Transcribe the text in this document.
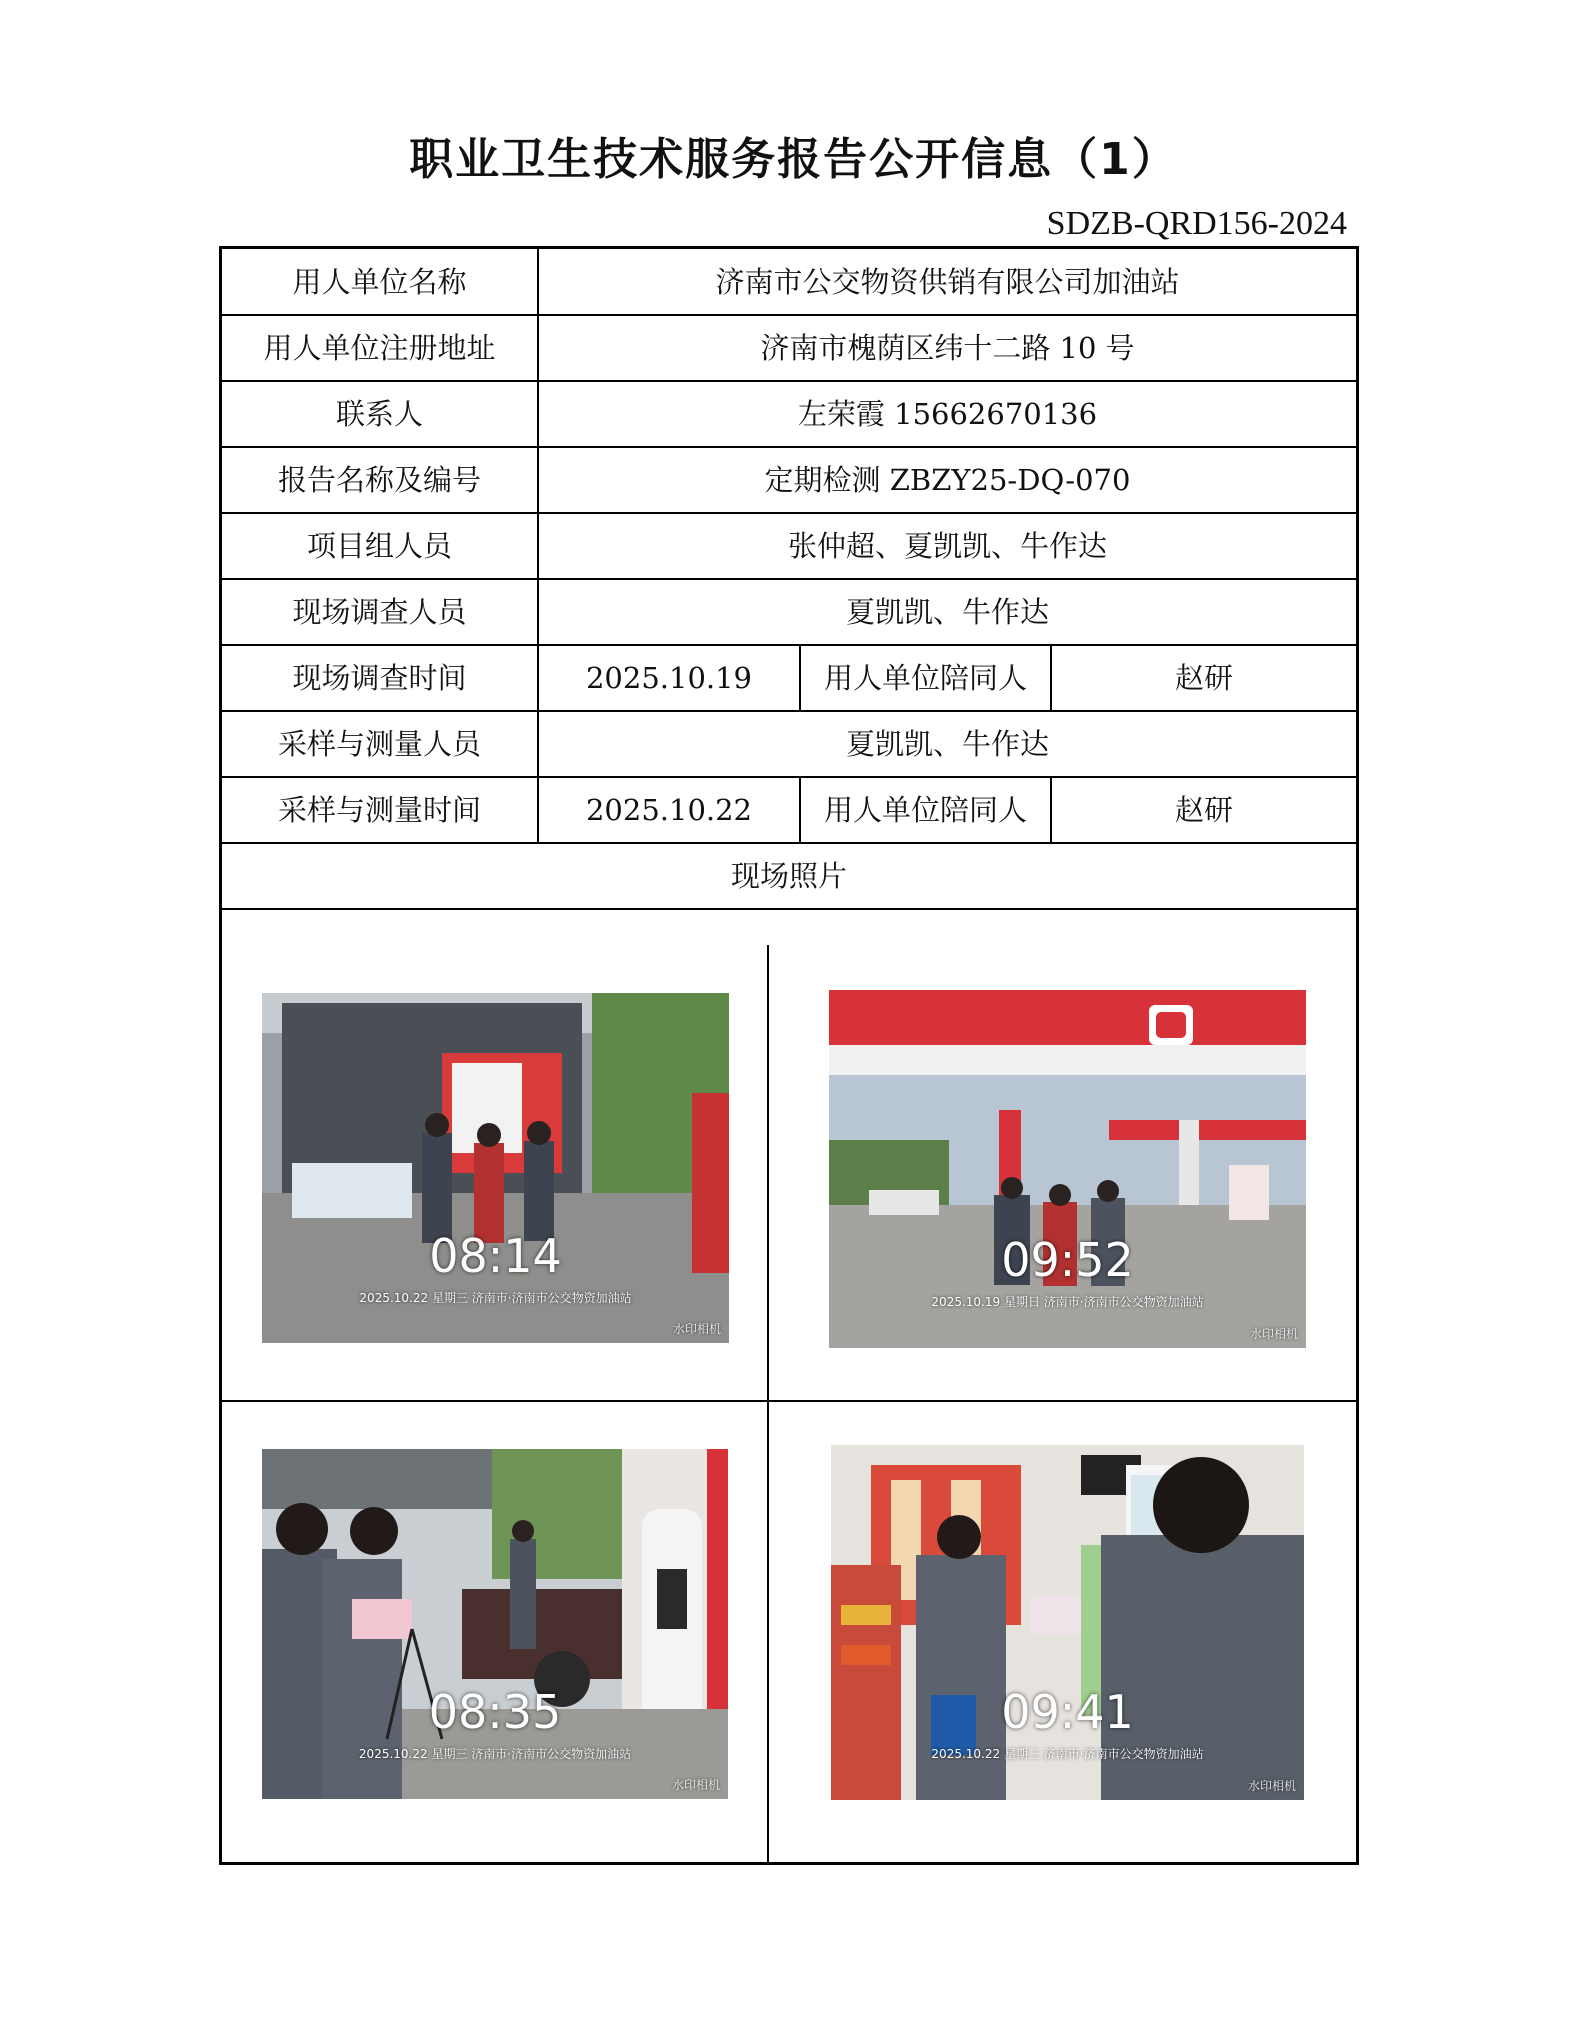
职业卫生技术服务报告公开信息（1）
SDZB-QRD156-2024
用人单位名称	济南市公交物资供销有限公司加油站		
用人单位注册地址	济南市槐荫区纬十二路 10 号		
联系人	左荣霞 15662670136		
报告名称及编号	定期检测 ZBZY25-DQ-070		
项目组人员	张仲超、夏凯凯、牛作达		
现场调查人员	夏凯凯、牛作达		
现场调查时间	2025.10.19	用人单位陪同人	赵研
采样与测量人员	夏凯凯、牛作达		
采样与测量时间	2025.10.22	用人单位陪同人	赵研
现场照片			
08:14
2025.10.22 星期三 济南市·济南市公交物资加油站
水印相机
09:52
2025.10.19 星期日 济南市·济南市公交物资加油站
水印相机
08:35
2025.10.22 星期三 济南市·济南市公交物资加油站
水印相机
09:41
2025.10.22 星期三 济南市·济南市公交物资加油站
水印相机
